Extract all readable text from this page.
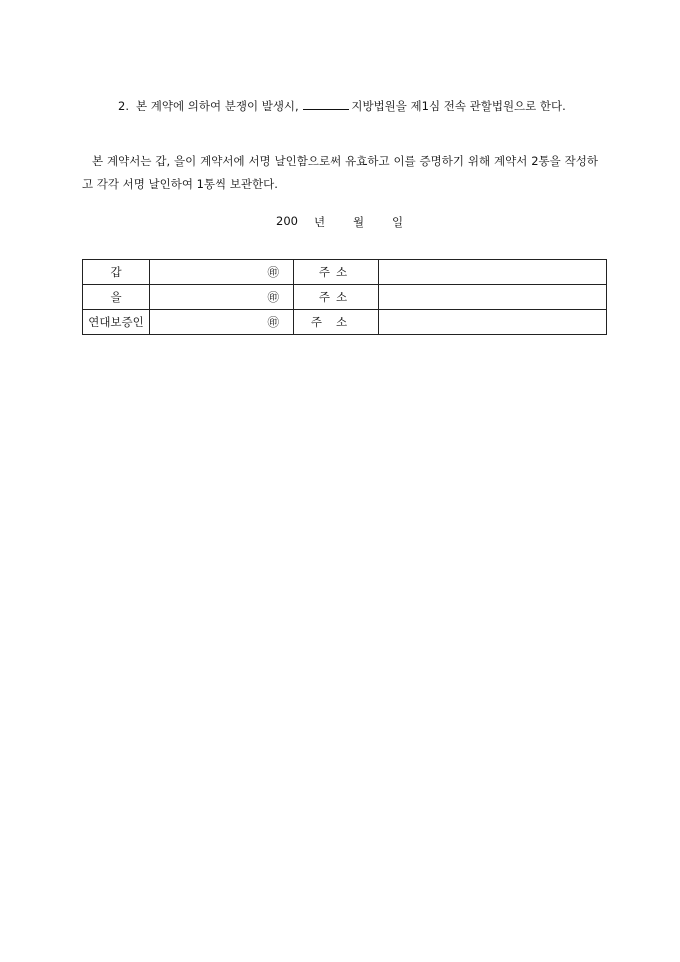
2. 본 계약에 의하여 분쟁이 발생시,	지방법원을 제1심 전속 관할법원으로 한다.
본 계약서는 갑, 을이 계약서에 서명 날인함으로써 유효하고 이를 증명하기 위해 계약서 2통을 작성하고 각각 서명 날인하여 1통씩 보관한다.
200 년 월 일
갑	㊞	주소	
을	㊞	주소	
연대보증인	㊞	주소	
